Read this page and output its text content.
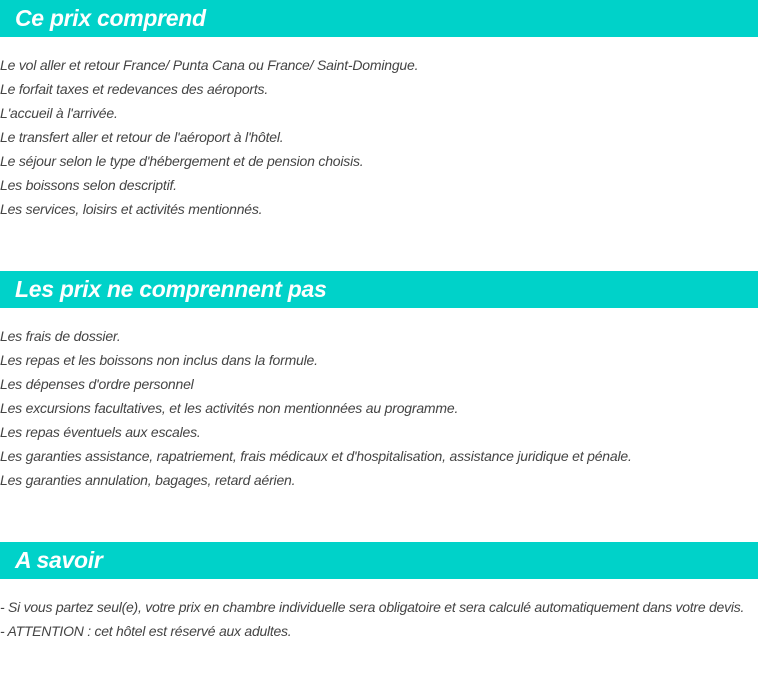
Ce prix comprend
Le vol aller et retour France/ Punta Cana ou France/ Saint-Domingue.
Le forfait taxes et redevances des aéroports.
L'accueil à l'arrivée.
Le transfert aller et retour de l'aéroport à l'hôtel.
Le séjour selon le type d'hébergement et de pension choisis.
Les boissons selon descriptif.
Les services, loisirs et activités mentionnés.
Les prix ne comprennent pas
Les frais de dossier.
Les repas et les boissons non inclus dans la formule.
Les dépenses d'ordre personnel
Les excursions facultatives, et les activités non mentionnées au programme.
Les repas éventuels aux escales.
Les garanties assistance, rapatriement, frais médicaux et d'hospitalisation, assistance juridique et pénale.
Les garanties annulation, bagages, retard aérien.
A savoir
- Si vous partez seul(e), votre prix en chambre individuelle sera obligatoire et sera calculé automatiquement dans votre devis.
- ATTENTION : cet hôtel est réservé aux adultes.
